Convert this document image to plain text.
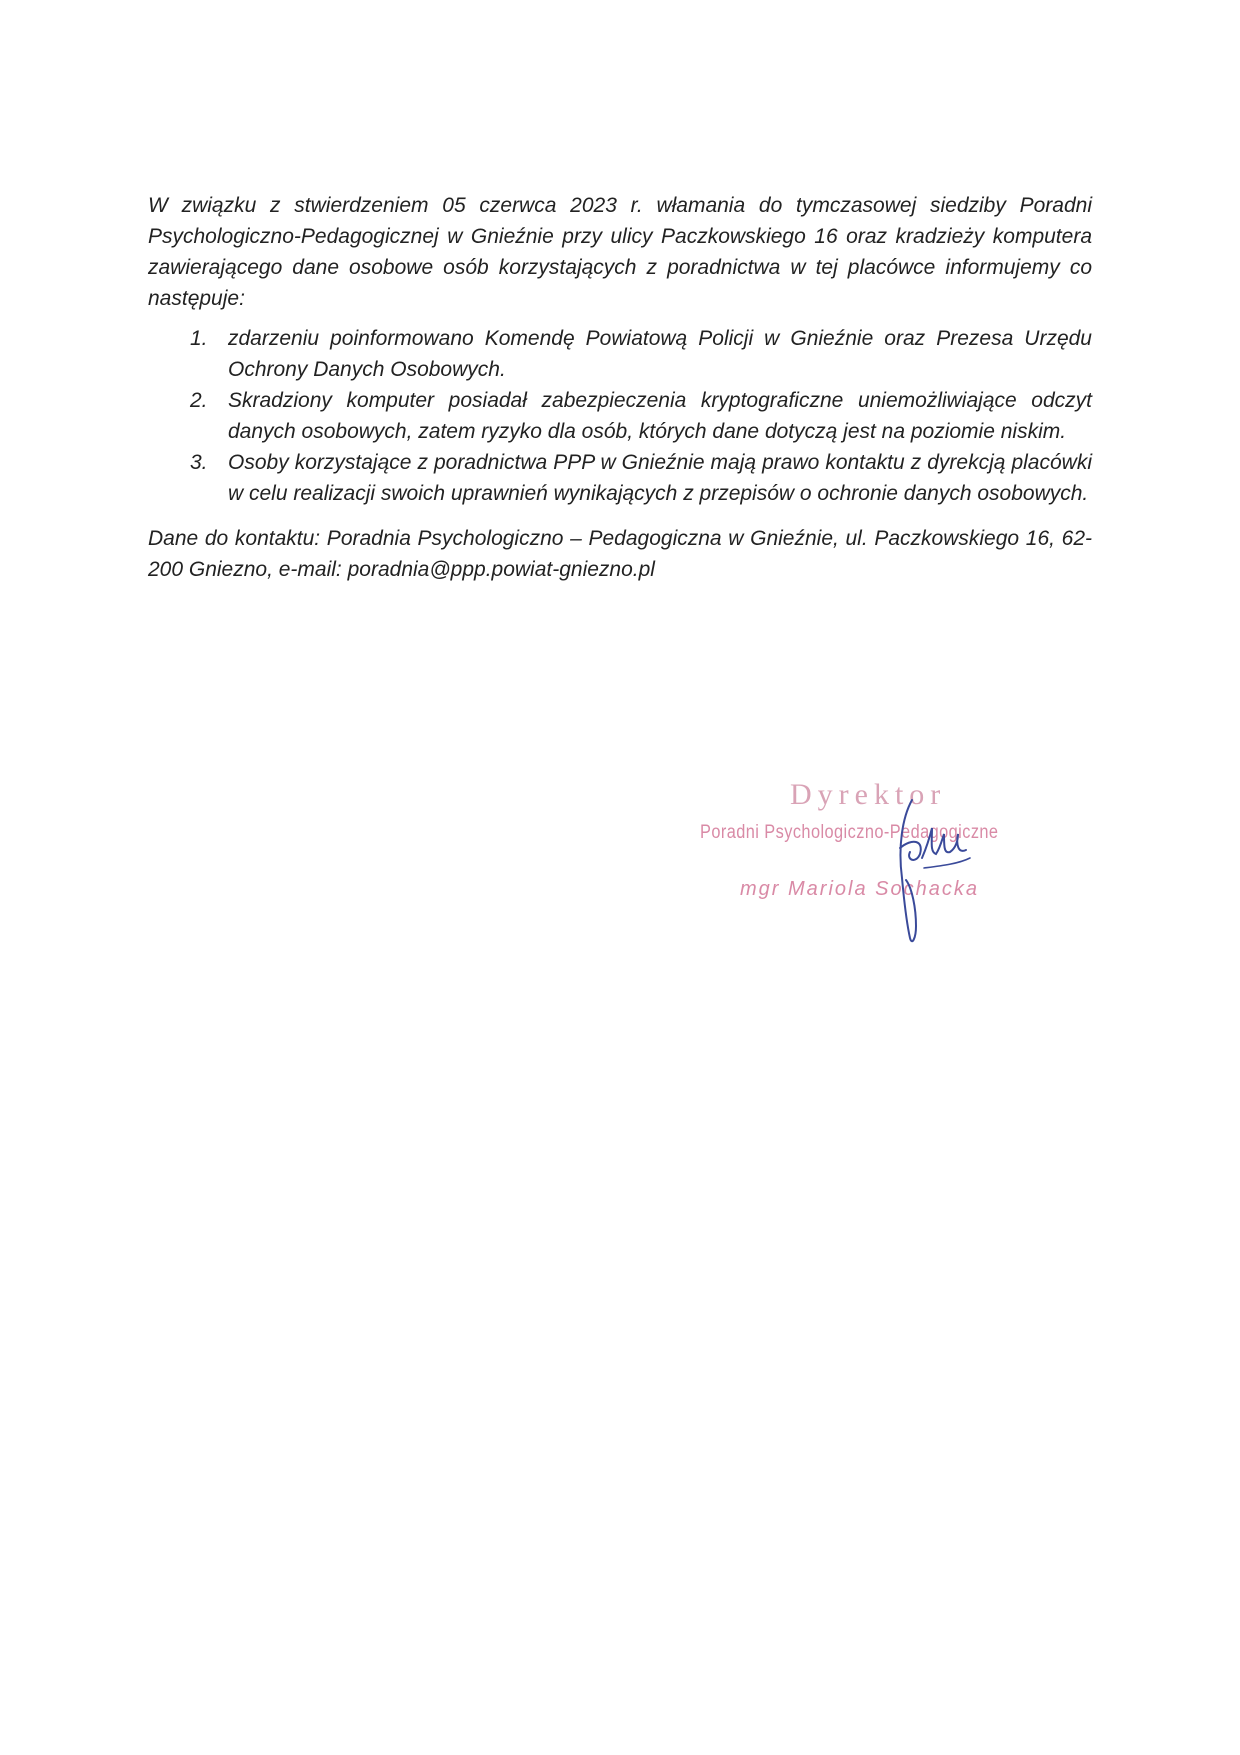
W związku z stwierdzeniem 05 czerwca 2023 r. włamania do tymczasowej siedziby Poradni Psychologiczno-Pedagogicznej w Gnieźnie przy ulicy Paczkowskiego 16 oraz kradzieży komputera zawierającego dane osobowe osób korzystających z poradnictwa w tej placówce informujemy co następuje:

1. zdarzeniu poinformowano Komendę Powiatową Policji w Gnieźnie oraz Prezesa Urzędu Ochrony Danych Osobowych.
2. Skradziony komputer posiadał zabezpieczenia kryptograficzne uniemożliwiające odczyt danych osobowych, zatem ryzyko dla osób, których dane dotyczą jest na poziomie niskim.
3. Osoby korzystające z poradnictwa PPP w Gnieźnie mają prawo kontaktu z dyrekcją placówki w celu realizacji swoich uprawnień wynikających z przepisów o ochronie danych osobowych.

Dane do kontaktu: Poradnia Psychologiczno – Pedagogiczna w Gnieźnie, ul. Paczkowskiego 16, 62-200 Gniezno, e-mail: poradnia@ppp.powiat-gniezno.pl

Dyrektor
Poradni Psychologiczno-Pedagogiczne
mgr Mariola Sochacka
